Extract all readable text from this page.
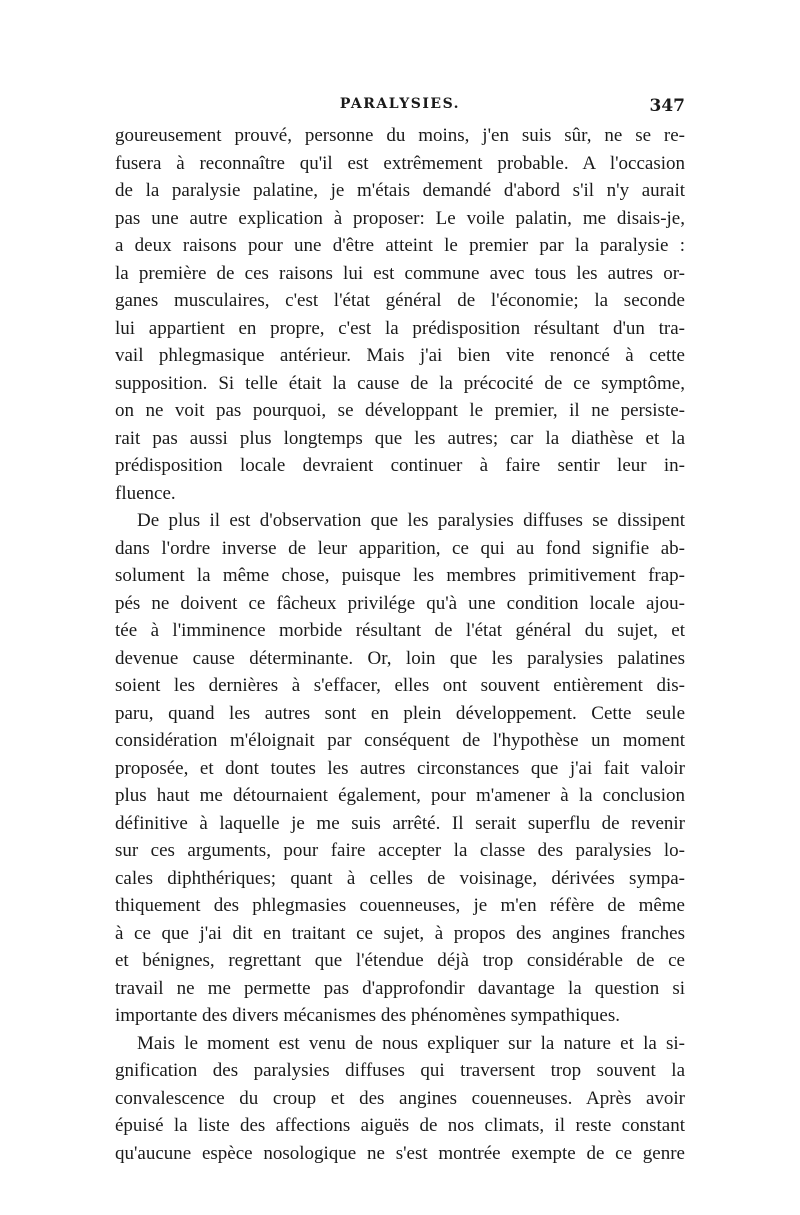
PARALYSIES.	347
goureusement prouvé, personne du moins, j'en suis sûr, ne se re-
fusera à reconnaître qu'il est extrêmement probable. A l'occasion
de la paralysie palatine, je m'étais demandé d'abord s'il n'y aurait
pas une autre explication à proposer: Le voile palatin, me disais-je,
a deux raisons pour une d'être atteint le premier par la paralysie :
la première de ces raisons lui est commune avec tous les autres or-
ganes musculaires, c'est l'état général de l'économie; la seconde
lui appartient en propre, c'est la prédisposition résultant d'un tra-
vail phlegmasique antérieur. Mais j'ai bien vite renoncé à cette
supposition. Si telle était la cause de la précocité de ce symptôme,
on ne voit pas pourquoi, se développant le premier, il ne persiste-
rait pas aussi plus longtemps que les autres; car la diathèse et la
prédisposition locale devraient continuer à faire sentir leur in-
fluence.
De plus il est d'observation que les paralysies diffuses se dissipent
dans l'ordre inverse de leur apparition, ce qui au fond signifie ab-
solument la même chose, puisque les membres primitivement frap-
pés ne doivent ce fâcheux privilége qu'à une condition locale ajou-
tée à l'imminence morbide résultant de l'état général du sujet, et
devenue cause déterminante. Or, loin que les paralysies palatines
soient les dernières à s'effacer, elles ont souvent entièrement dis-
paru, quand les autres sont en plein développement. Cette seule
considération m'éloignait par conséquent de l'hypothèse un moment
proposée, et dont toutes les autres circonstances que j'ai fait valoir
plus haut me détournaient également, pour m'amener à la conclusion
définitive à laquelle je me suis arrêté. Il serait superflu de revenir
sur ces arguments, pour faire accepter la classe des paralysies lo-
cales diphthériques; quant à celles de voisinage, dérivées sympa-
thiquement des phlegmasies couenneuses, je m'en réfère de même
à ce que j'ai dit en traitant ce sujet, à propos des angines franches
et bénignes, regrettant que l'étendue déjà trop considérable de ce
travail ne me permette pas d'approfondir davantage la question si
importante des divers mécanismes des phénomènes sympathiques.
Mais le moment est venu de nous expliquer sur la nature et la si-
gnification des paralysies diffuses qui traversent trop souvent la
convalescence du croup et des angines couenneuses. Après avoir
épuisé la liste des affections aiguës de nos climats, il reste constant
qu'aucune espèce nosologique ne s'est montrée exempte de ce genre
